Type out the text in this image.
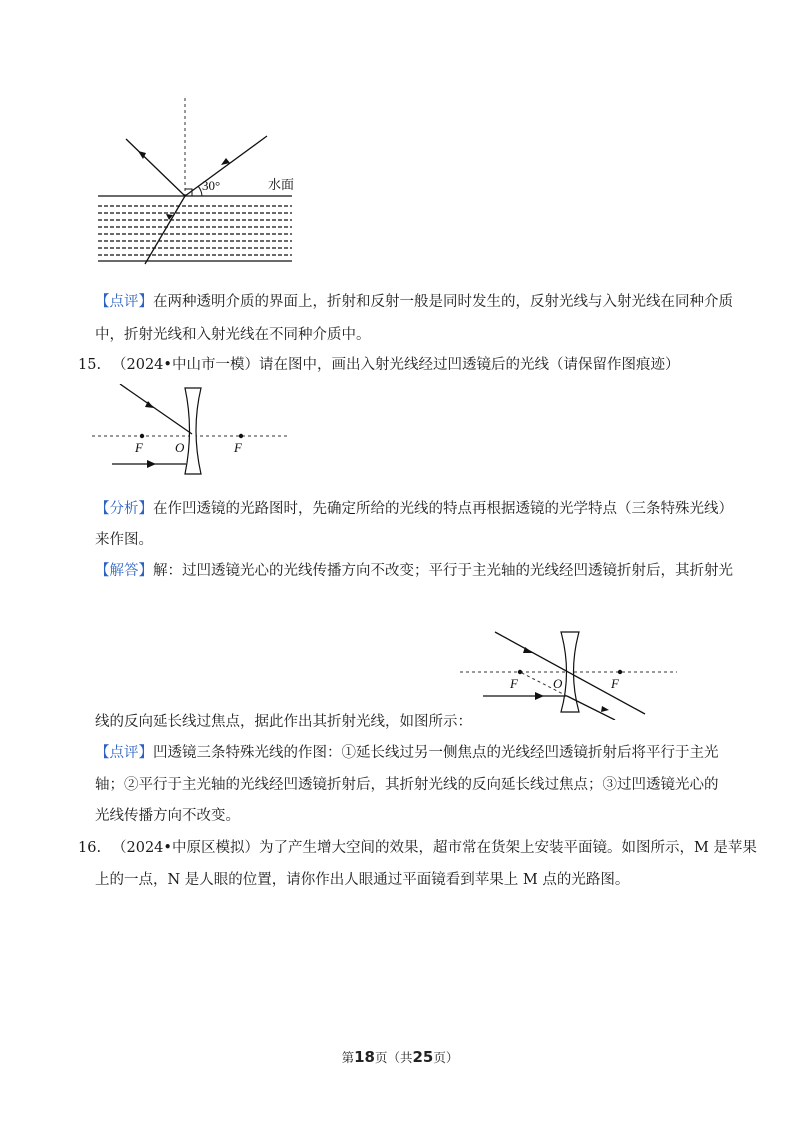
30°	水面
【点评】在两种透明介质的界面上，折射和反射一般是同时发生的，反射光线与入射光线在同种介质
中，折射光线和入射光线在不同种介质中。
15. （2024•中山市一模）请在图中，画出入射光线经过凹透镜后的光线（请保留作图痕迹）
F O	F
【分析】在作凹透镜的光路图时，先确定所给的光线的特点再根据透镜的光学特点（三条特殊光线）
来作图。
【解答】解：过凹透镜光心的光线传播方向不改变；平行于主光轴的光线经凹透镜折射后，其折射光
F	O	F
线的反向延长线过焦点，据此作出其折射光线，如图所示：
【点评】凹透镜三条特殊光线的作图：①延长线过另一侧焦点的光线经凹透镜折射后将平行于主光
轴；②平行于主光轴的光线经凹透镜折射后，其折射光线的反向延长线过焦点；③过凹透镜光心的
光线传播方向不改变。
16. （2024•中原区模拟）为了产生增大空间的效果，超市常在货架上安装平面镜。如图所示，M 是苹果
上的一点，N 是人眼的位置，请你作出人眼通过平面镜看到苹果上 M 点的光路图。
第18页（共25页）
